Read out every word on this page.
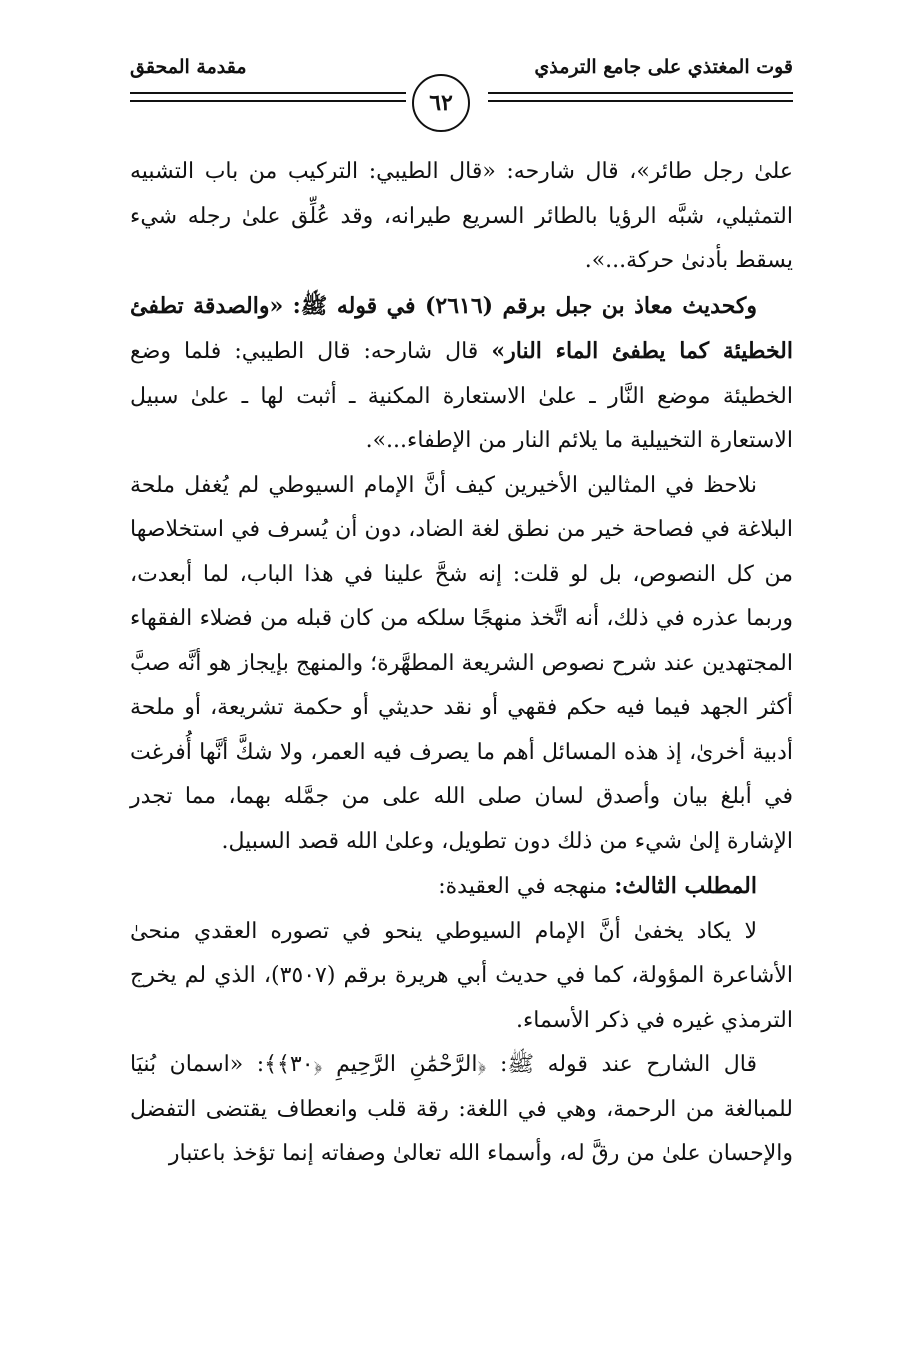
قوت المغتذي على جامع الترمذي
مقدمة المحقق
٦٢

علىٰ رجل طائر»، قال شارحه: «قال الطيبي: التركيب من باب التشبيه التمثيلي، شبَّه الرؤيا بالطائر السريع طيرانه، وقد عُلِّق علىٰ رجله شيء يسقط بأدنىٰ حركة...».

وكحديث معاذ بن جبل برقم (٢٦١٦) في قوله ﷺ: «والصدقة تطفئ الخطيئة كما يطفئ الماء النار» قال شارحه: قال الطيبي: فلما وضع الخطيئة موضع النَّار ـ علىٰ الاستعارة المكنية ـ أثبت لها ـ علىٰ سبيل الاستعارة التخييلية ما يلائم النار من الإطفاء...».

نلاحظ في المثالين الأخيرين كيف أنَّ الإمام السيوطي لم يُغفل ملحة البلاغة في فصاحة خير من نطق لغة الضاد، دون أن يُسرف في استخلاصها من كل النصوص، بل لو قلت: إنه شحَّ علينا في هذا الباب، لما أبعدت، وربما عذره في ذلك، أنه اتَّخذ منهجًا سلكه من كان قبله من فضلاء الفقهاء المجتهدين عند شرح نصوص الشريعة المطهَّرة؛ والمنهج بإيجاز هو أنَّه صبَّ أكثر الجهد فيما فيه حكم فقهي أو نقد حديثي أو حكمة تشريعة، أو ملحة أدبية أخرىٰ، إذ هذه المسائل أهم ما يصرف فيه العمر، ولا شكَّ أنَّها أُفرغت في أبلغ بيان وأصدق لسان صلى الله على من جمَّله بهما، مما تجدر الإشارة إلىٰ شيء من ذلك دون تطويل، وعلىٰ الله قصد السبيل.

المطلب الثالث: منهجه في العقيدة:

لا يكاد يخفىٰ أنَّ الإمام السيوطي ينحو في تصوره العقدي منحىٰ الأشاعرة المؤولة، كما في حديث أبي هريرة برقم (٣٥٠٧)، الذي لم يخرج الترمذي غيره في ذكر الأسماء.

قال الشارح عند قوله ﷺ: ﴿الرَّحْمَٰنِ الرَّحِيمِ ﴿٣٠﴾﴾: «اسمان بُنيَا للمبالغة من الرحمة، وهي في اللغة: رقة قلب وانعطاف يقتضى التفضل والإحسان علىٰ من رقَّ له، وأسماء الله تعالىٰ وصفاته إنما تؤخذ باعتبار
